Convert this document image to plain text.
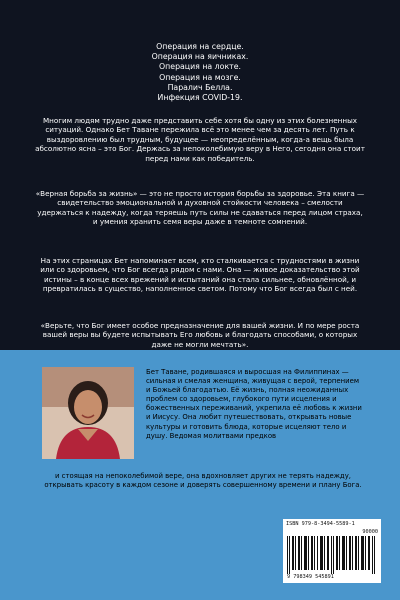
Операция на сердце.
Операция на яичниках.
Операция на локте.
Операция на мозге.
Паралич Белла.
Инфекция COVID-19.
Многим людям трудно даже представить себе хотя бы одну из этих болезненных ситуаций. Однако Бет Таване пережила всё это менее чем за десять лет. Путь к выздоровлению был трудным, будущее — неопределённым, когда-а вещь была абсолютно ясна – это Бог. Держась за непоколебимую веру в Него, сегодня она стоит перед нами как победитель.
«Верная борьба за жизнь» — это не просто история борьбы за здоровье. Эта книга — свидетельство эмоциональной и духовной стойкости человека – смелости удержаться к надежду, когда теряешь путь силы не сдаваться перед лицом страха, и умения хранить семя веры даже в темноте сомнений.
На этих страницах Бет напоминает всем, кто сталкивается с трудностями в жизни или со здоровьем, что Бог всегда рядом с нами. Она — живое доказательство этой истины – в конце всех врежений и испытаний она стала сильнее, обновлённой, и превратилась в существо, наполненное светом. Потому что Бог всегда был с ней.
«Верьте, что Бог имеет особое предназначение для вашей жизни. И по мере роста вашей веры вы будете испытывать Его любовь и благодать способами, о которых даже не могли мечтать».
Бет Таване, родившаяся и выросшая на Филиппинах — сильная и смелая женщина, живущая с верой, терпением и Божьей благодатью. Её жизнь, полная неожиданных проблем со здоровьем, глубокого пути исцеления и божественных переживаний, укрепила её любовь к жизни и Иисусу. Она любит путешествовать, открывать новые культуры и готовить блюда, которые исцеляют тело и душу. Ведомая молитвами предков
и стоящая на непоколебимой вере, она вдохновляет других не терять надежду, открывать красоту в каждом сезоне и доверять совершенному времени и плану Бога.
ISBN 979-8-3494-5589-1
90000
9 798349 545891
